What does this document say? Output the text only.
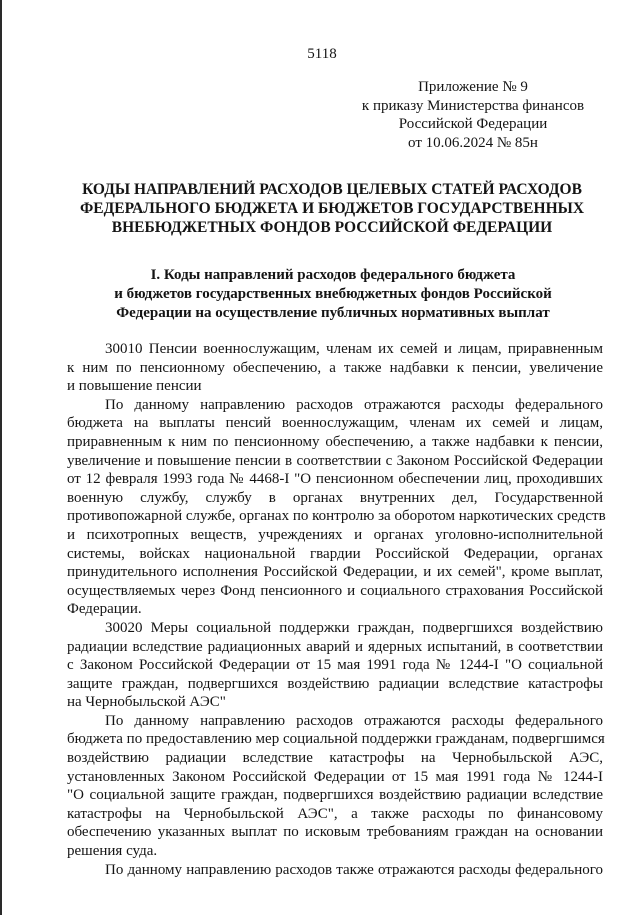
5118
Приложение № 9
к приказу Министерства финансов
Российской Федерации
от 10.06.2024 № 85н
КОДЫ НАПРАВЛЕНИЙ РАСХОДОВ ЦЕЛЕВЫХ СТАТЕЙ РАСХОДОВ
ФЕДЕРАЛЬНОГО БЮДЖЕТА И БЮДЖЕТОВ ГОСУДАРСТВЕННЫХ
ВНЕБЮДЖЕТНЫХ ФОНДОВ РОССИЙСКОЙ ФЕДЕРАЦИИ
I. Коды направлений расходов федерального бюджета
и бюджетов государственных внебюджетных фондов Российской
Федерации на осуществление публичных нормативных выплат
30010 Пенсии военнослужащим, членам их семей и лицам, приравненным
к ним по пенсионному обеспечению, а также надбавки к пенсии, увеличение
и повышение пенсии
По данному направлению расходов отражаются расходы федерального
бюджета на выплаты пенсий военнослужащим, членам их семей и лицам,
приравненным к ним по пенсионному обеспечению, а также надбавки к пенсии,
увеличение и повышение пенсии в соответствии с Законом Российской Федерации
от 12 февраля 1993 года № 4468-I "О пенсионном обеспечении лиц, проходивших
военную службу, службу в органах внутренних дел, Государственной
противопожарной службе, органах по контролю за оборотом наркотических средств
и психотропных веществ, учреждениях и органах уголовно-исполнительной
системы, войсках национальной гвардии Российской Федерации, органах
принудительного исполнения Российской Федерации, и их семей", кроме выплат,
осуществляемых через Фонд пенсионного и социального страхования Российской
Федерации.
30020 Меры социальной поддержки граждан, подвергшихся воздействию
радиации вследствие радиационных аварий и ядерных испытаний, в соответствии
с Законом Российской Федерации от 15 мая 1991 года № 1244-I "О социальной
защите граждан, подвергшихся воздействию радиации вследствие катастрофы
на Чернобыльской АЭС"
По данному направлению расходов отражаются расходы федерального
бюджета по предоставлению мер социальной поддержки гражданам, подвергшимся
воздействию радиации вследствие катастрофы на Чернобыльской АЭС,
установленных Законом Российской Федерации от 15 мая 1991 года № 1244-I
"О социальной защите граждан, подвергшихся воздействию радиации вследствие
катастрофы на Чернобыльской АЭС", а также расходы по финансовому
обеспечению указанных выплат по исковым требованиям граждан на основании
решения суда.
По данному направлению расходов также отражаются расходы федерального
